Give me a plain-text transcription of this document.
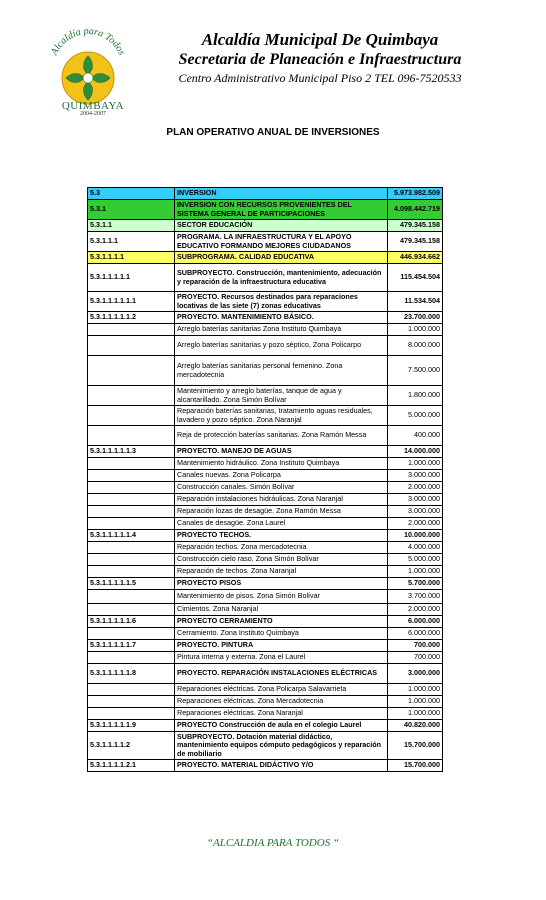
Alcaldía para Todos
QUIMBAYA
2004-2007
Alcaldía Municipal De Quimbaya
Secretaria de Planeación e Infraestructura
Centro Administrativo Municipal Piso 2 TEL 096-7520533
PLAN OPERATIVO ANUAL DE INVERSIONES
5.3	INVERSION	5.973.982.509
5.3.1	INVERSION CON RECURSOS PROVENIENTES DEL SISTEMA GENERAL DE PARTICIPACIONES	4.098.442.719
5.3.1.1	SECTOR EDUCACIÓN	479.345.158
5.3.1.1.1	PROGRAMA. LA INFRAESTRUCTURA Y EL APOYO EDUCATIVO FORMANDO MEJORES CIUDADANOS	479.345.158
5.3.1.1.1.1	SUBPROGRAMA. CALIDAD EDUCATIVA	446.934.662
5.3.1.1.1.1.1	SUBPROYECTO. Construcción, mantenimiento, adecuación y reparación de la infraestructura educativa	115.454.504
5.3.1.1.1.1.1.1	PROYECTO. Recursos destinados para reparaciones locativas de las siete (7) zonas educativas	11.534.504
5.3.1.1.1.1.1.2	PROYECTO. MANTENIMIENTO BÁSICO.	23.700.000
	Arreglo baterías sanitarias Zona Instituto Quimbaya	1.000.000
	Arreglo baterías sanitarias y pozo séptico, Zona Policarpo	8.000.000
	Arreglo baterías sanitarias personal femenino. Zona mercadotecnia	7.500.000
	Mantenimiento y arreglo baterías, tanque de agua y alcantarillado. Zona Simón Bolívar	1.800.000
	Reparación baterías sanitarias, tratamiento aguas residuales, lavadero y pozo séptico. Zona Naranjal	5.000.000
	Reja de protección baterías sanitarias. Zona Ramón Messa	400.000
5.3.1.1.1.1.1.3	PROYECTO. MANEJO DE AGUAS	14.000.000
	Mantenimiento hidráulico. Zona Instituto Quimbaya	1.000.000
	Canales nuevas. Zona Policarpa	3.000.000
	Construcción canales. Simón Bolívar	2.000.000
	Reparación instalaciones hidráulicas. Zona Naranjal	3.000.000
	Reparación lozas de desagüe. Zona Ramón Messa	3.000.000
	Canales de desagüe. Zona Laurel	2.000.000
5.3.1.1.1.1.1.4	PROYECTO TECHOS.	10.000.000
	Reparación techos. Zona mercadotecnia	4.000.000
	Construcción cielo raso. Zona Simón Bolívar	5.000.000
	Reparación de techos. Zona Naranjal	1.000.000
5.3.1.1.1.1.1.5	PROYECTO PISOS	5.700.000
	Mantenimiento de pisos. Zona Simón Bolívar	3.700.000
	Cimientos. Zona Naranjal	2.000.000
5.3.1.1.1.1.1.6	PROYECTO CERRAMIENTO	6.000.000
	Cerramiento. Zona Instituto Quimbaya	6.000.000
5.3.1.1.1.1.1.7	PROYECTO. PINTURA	700.000
	Pintura interna y externa. Zona el Laurel	700.000
5.3.1.1.1.1.1.8	PROYECTO. REPARACIÓN INSTALACIONES ELÉCTRICAS	3.000.000
	Reparaciones eléctricas. Zona Policarpa Salavarrieta	1.000.000
	Reparaciones eléctricas. Zona Mercadotecnia	1.000.000
	Reparaciones eléctricas. Zona Naranjal	1.000.000
5.3.1.1.1.1.1.9	PROYECTO Construcción de aula en el colegio Laurel	40.820.000
5.3.1.1.1.1.2	SUBPROYECTO. Dotación material didáctico, mantenimiento equipos cómputo pedagógicos y reparación de mobiliario	15.700.000
5.3.1.1.1.1.2.1	PROYECTO. MATERIAL DIDÁCTIVO Y/O	15.700.000
“ALCALDIA PARA TODOS “
